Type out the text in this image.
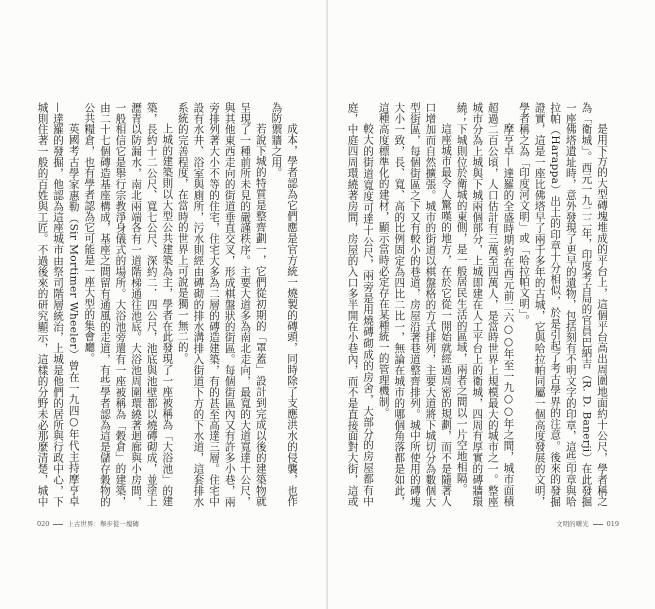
成本，學者認為它們應是官方統一燒製的磚頭，同時除了支應洪水的侵襲，也作為防禦牆之用。

若說下城的特質是整齊劃一，它們從初期的「罩蓋」設計到完成以後的建築物就呈現了一種前所未見的嚴謹秩序。主要大道多為南北走向，最寬的大道寬達十公尺，與其他東西走向的街道垂直交叉，形成棋盤狀的街區。每個街區內又有許多小巷，兩旁排列著大小不等的住宅，住宅大多為二層的磚造建築，有的甚至高達三層。住宅中設有水井、浴室與廁所，污水則經由磚砌的排水溝排入街道下方的下水道，這套排水系統的完善程度，在當時的世界上可說是獨一無二的。

上城的建築則以大型公共建築為主，學者在此發現了一座被稱為「大浴池」的建築，長約十二公尺、寬七公尺、深約二．四公尺，池底與池壁都以燒磚砌成，並塗上瀝青以防漏水，南北兩端各有一道階梯通往池底。大浴池周圍環繞著迴廊與小房間，一般相信它是舉行宗教淨身儀式的場所。大浴池旁還有一座被稱為「穀倉」的建築，由二十七個磚造基座構成，基座之間留有通風的走道，有些學者認為這是儲存穀物的公共糧倉，也有學者認為它可能是一座大型的集會廳。

英國考古學家惠勒（Sir Mortimer Wheeler）曾在一九四○年代主持摩亨卓—達羅的發掘，他認為這座城市由祭司階層統治，上城是他們的居所與行政中心，下城則住著一般的百姓與工匠。不過後來的研究顯示，這樣的分野未必那麼清楚，城中

020	上古世界：舉步從一塊磚

是用下方的大型磚塊堆成的平台上，這個平台高出周圍地面約十公尺，學者稱之為「衛城」。西元一九二二年，印度考古局的官員巴納吉（R. D. Banerji）在此發掘一座佛塔遺址時，意外發現了更早的遺物，包括刻有不明文字的印章，這些印章與哈拉帕（Harappa）出土的印章十分相似，於是引起了考古學界的注意。後來的發掘證實，這是一座比佛塔早了兩千多年的古城，它與哈拉帕同屬一個高度發展的文明，學者稱之為「印度河文明」或「哈拉帕文明」。

摩亨卓—達羅的全盛時期約在西元前二六○○年至一九○○年之間，城市面積超過二百公頃，人口估計有三萬至四萬人，是當時世界上規模最大的城市之一。整座城市分為上城與下城兩個部分，上城即建在人工平台上的衛城，四周有厚實的磚牆環繞；下城則位於衛城的東側，是一般居民生活的區域，兩者之間以一片空地相隔。

這座城市最令人驚嘆的地方，在於它從一開始就經過周密的規劃，而不是隨著人口增加而自然擴張。城市的街道以棋盤格的方式排列，主要大道將下城切分為數個大型街區，每個街區之下又有較小的巷道，房屋沿著巷道整齊排列。城中所使用的磚塊大小一致，長、寬、高的比例固定為四比二比一，無論在城市的哪個角落都是如此，這種高度標準化的建材，顯示當時必定存在某種統一的管理機制。

較大的街道寬度可達十公尺，兩旁是用燒磚砌成的房舍，大部分的房屋都有中庭，中庭四周環繞著房間，房屋的入口多半開在小巷內，而不是直接面對大街，這或

文明的曙光	019
